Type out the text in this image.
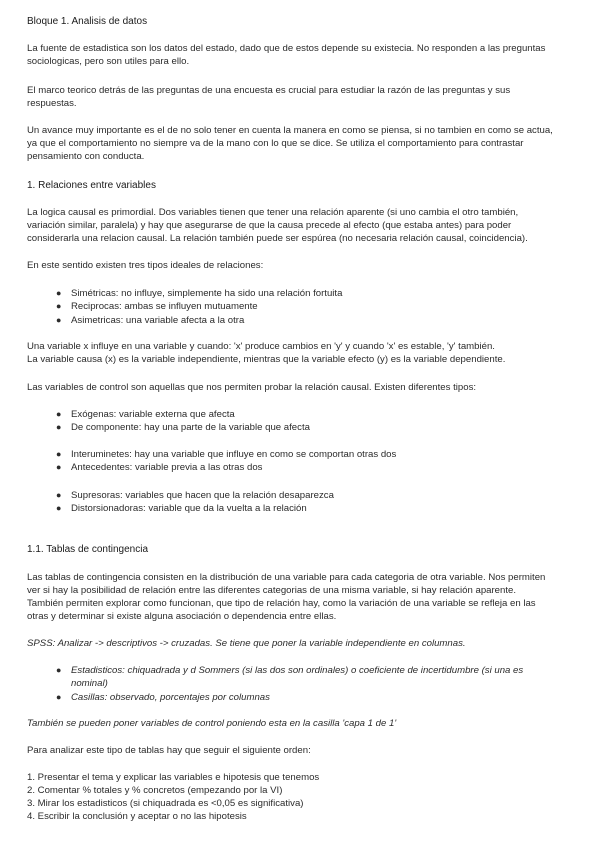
Bloque 1. Analisis de datos
La fuente de estadistica son los datos del estado, dado que de estos depende su existecia. No responden a las preguntas
sociologicas, pero son utiles para ello.
El marco teorico detrás de las preguntas de una encuesta es crucial para estudiar la razón de las preguntas y sus
respuestas.
Un avance muy importante es el de no solo tener en cuenta la manera en como se piensa, si no tambien en como se actua,
ya que el comportamiento no siempre va de la mano con lo que se dice. Se utiliza el comportamiento para contrastar
pensamiento con conducta.
1. Relaciones entre variables
La logica causal es primordial. Dos variables tienen que tener una relación aparente (si uno cambia el otro también,
variación similar, paralela) y hay que asegurarse de que la causa precede al efecto (que estaba antes) para poder
considerarla una relacion causal. La relación también puede ser espúrea (no necesaria relación causal, coincidencia).
En este sentido existen tres tipos ideales de relaciones:
● Simétricas: no influye, simplemente ha sido una relación fortuita
● Reciprocas: ambas se influyen mutuamente
● Asimetricas: una variable afecta a la otra
Una variable x influye en una variable y cuando: 'x' produce cambios en 'y' y cuando 'x' es estable, 'y' también.
La variable causa (x) es la variable independiente, mientras que la variable efecto (y) es la variable dependiente.
Las variables de control son aquellas que nos permiten probar la relación causal. Existen diferentes tipos:
● Exógenas: variable externa que afecta
● De componente: hay una parte de la variable que afecta
● Interuminetes: hay una variable que influye en como se comportan otras dos
● Antecedentes: variable previa a las otras dos
● Supresoras: variables que hacen que la relación desaparezca
● Distorsionadoras: variable que da la vuelta a la relación
1.1. Tablas de contingencia
Las tablas de contingencia consisten en la distribución de una variable para cada categoria de otra variable. Nos permiten
ver si hay la posibilidad de relación entre las diferentes categorias de una misma variable, si hay relación aparente.
También permiten explorar como funcionan, que tipo de relación hay, como la variación de una variable se refleja en las
otras y determinar si existe alguna asociación o dependencia entre ellas.
SPSS: Analizar -> descriptivos -> cruzadas. Se tiene que poner la variable independiente en columnas.
● Estadisticos: chiquadrada y d Sommers (si las dos son ordinales) o coeficiente de incertidumbre (si una es
nominal)
● Casillas: observado, porcentajes por columnas
También se pueden poner variables de control poniendo esta en la casilla 'capa 1 de 1'
Para analizar este tipo de tablas hay que seguir el siguiente orden:
1. Presentar el tema y explicar las variables e hipotesis que tenemos
2. Comentar % totales y % concretos (empezando por la VI)
3. Mirar los estadisticos (si chiquadrada es <0,05 es significativa)
4. Escribir la conclusión y aceptar o no las hipotesis
